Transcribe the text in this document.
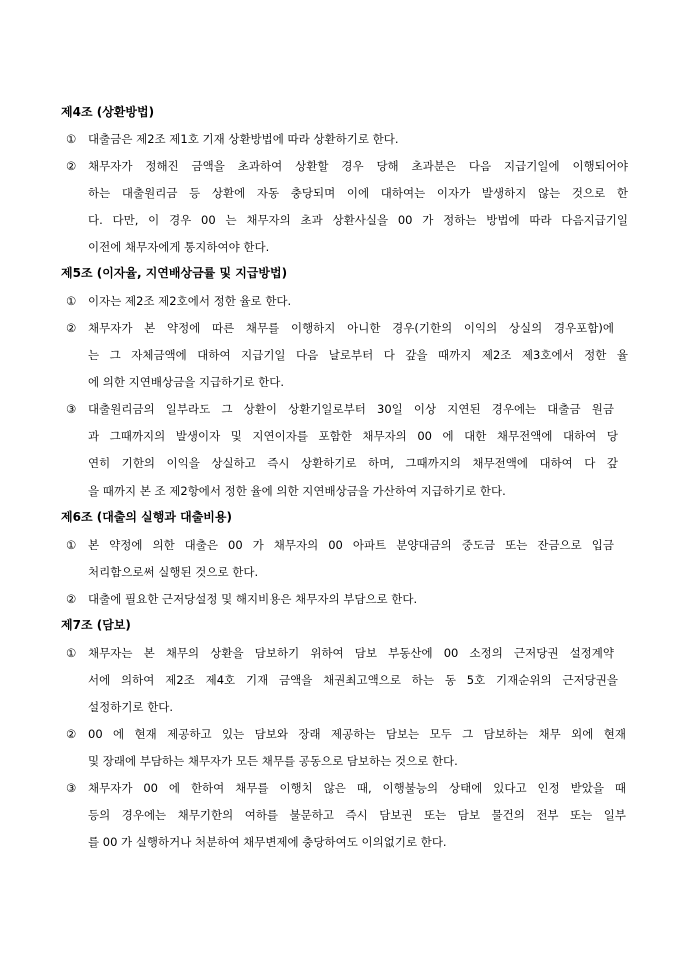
제4조 (상환방법)
① 대출금은 제2조 제1호 기재 상환방법에 따라 상환하기로 한다.
② 채무자가 정해진 금액을 초과하여 상환할 경우 당해 초과분은 다음 지급기일에 이행되어야
하는 대출원리금 등 상환에 자동 충당되며 이에 대하여는 이자가 발생하지 않는 것으로 한
다. 다만, 이 경우 00 는 채무자의 초과 상환사실을 00 가 정하는 방법에 따라 다음지급기일
이전에 채무자에게 통지하여야 한다.
제5조 (이자율, 지연배상금률 및 지급방법)
① 이자는 제2조 제2호에서 정한 율로 한다.
② 채무자가 본 약정에 따른 채무를 이행하지 아니한 경우(기한의 이익의 상실의 경우포함)에
는 그 자체금액에 대하여 지급기일 다음 날로부터 다 갚을 때까지 제2조 제3호에서 정한 율
에 의한 지연배상금을 지급하기로 한다.
③ 대출원리금의 일부라도 그 상환이 상환기일로부터 30일 이상 지연된 경우에는 대출금 원금
과 그때까지의 발생이자 및 지연이자를 포함한 채무자의 00 에 대한 채무전액에 대하여 당
연히 기한의 이익을 상실하고 즉시 상환하기로 하며, 그때까지의 채무전액에 대하여 다 갚
을 때까지 본 조 제2항에서 정한 율에 의한 지연배상금을 가산하여 지급하기로 한다.
제6조 (대출의 실행과 대출비용)
① 본 약정에 의한 대출은 00 가 채무자의 00 아파트 분양대금의 중도금 또는 잔금으로 입금
처리함으로써 실행된 것으로 한다.
② 대출에 필요한 근저당설정 및 해지비용은 채무자의 부담으로 한다.
제7조 (담보)
① 채무자는 본 채무의 상환을 담보하기 위하여 담보 부동산에 00 소정의 근저당권 설정계약
서에 의하여 제2조 제4호 기재 금액을 채권최고액으로 하는 동 5호 기재순위의 근저당권을
설정하기로 한다.
② 00 에 현재 제공하고 있는 담보와 장래 제공하는 담보는 모두 그 담보하는 채무 외에 현재
및 장래에 부담하는 채무자가 모든 채무를 공동으로 담보하는 것으로 한다.
③ 채무자가 00 에 한하여 채무를 이행치 않은 때, 이행불능의 상태에 있다고 인정 받았을 때
등의 경우에는 채무기한의 여하를 불문하고 즉시 담보권 또는 담보 물건의 전부 또는 일부
를 00 가 실행하거나 처분하여 채무변제에 충당하여도 이의없기로 한다.
